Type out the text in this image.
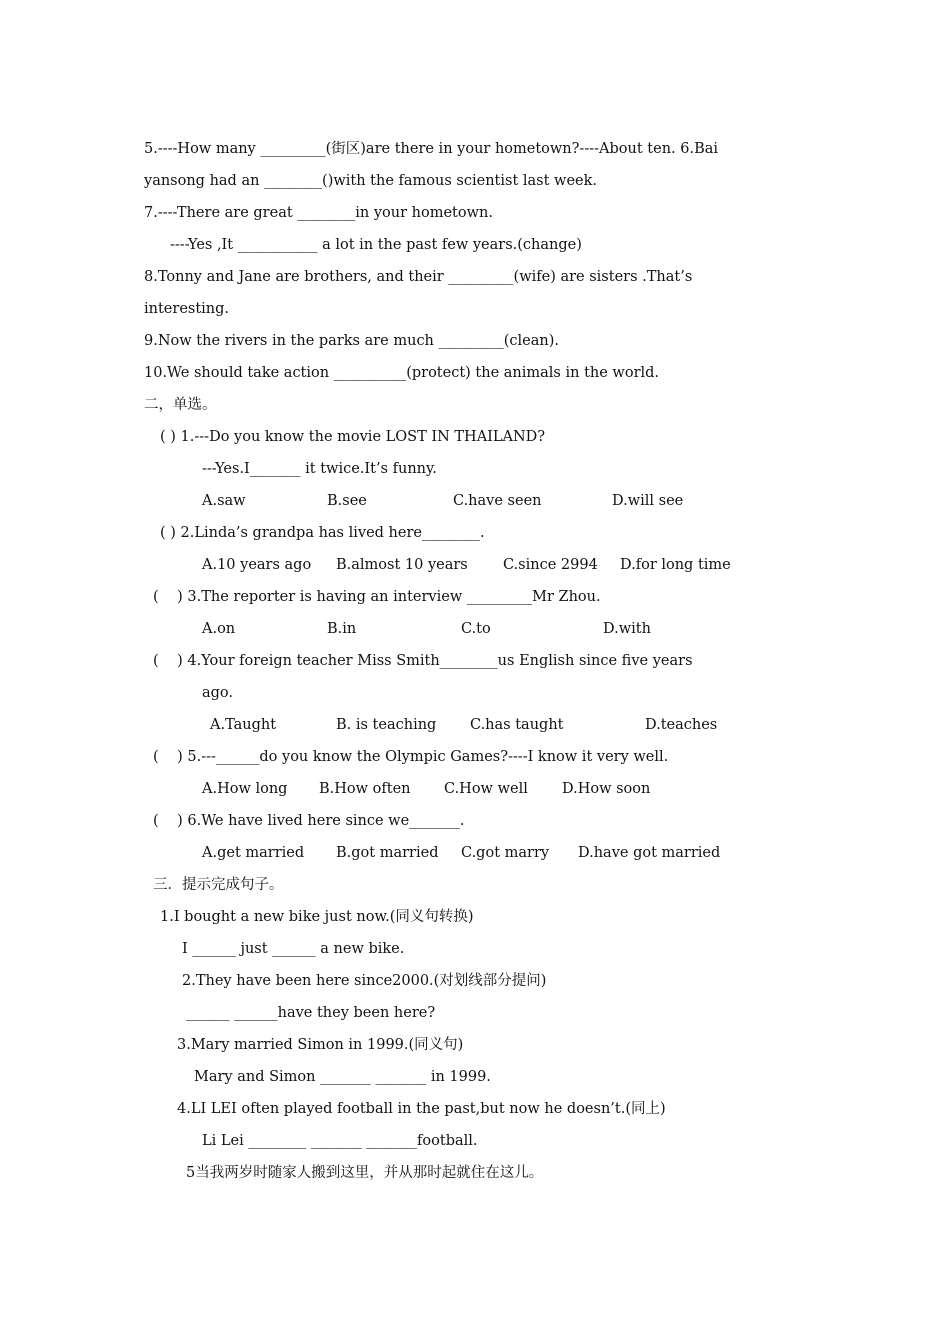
5.----How many _________(街区)are there in your hometown?----About ten. 6.Bai
yansong had an ________()with the famous scientist last week.
7.----There are great ________in your hometown.
----Yes ,It ___________ a lot in the past few years.(change)
8.Tonny and Jane are brothers, and their _________(wife) are sisters .That’s
interesting.
9.Now the rivers in the parks are much _________(clean).
10.We should take action __________(protect) the animals in the world.
二，单选。
( ) 1.---Do you know the movie LOST IN THAILAND?
---Yes.I_______ it twice.It’s funny.
A.saw	B.see	C.have seen	D.will see
( ) 2.Linda’s grandpa has lived here________.
A.10 years ago B.almost 10 years C.since 2994 D.for long time
(    ) 3.The reporter is having an interview _________Mr Zhou.
A.on	B.in	C.to	D.with
(    ) 4.Your foreign teacher Miss Smith________us English since five years
ago.
A.Taught	B. is teaching C.has taught	D.teaches
(    ) 5.---______do you know the Olympic Games?----I know it very well.
A.How long B.How often C.How well D.How soon
(    ) 6.We have lived here since we_______.
A.get married B.got married C.got marry D.have got married
三．提示完成句子。
1.I bought a new bike just now.(同义句转换)
I ______ just ______ a new bike.
2.They have been here since2000.(对划线部分提问)
______ ______have they been here?
3.Mary married Simon in 1999.(同义句)
Mary and Simon _______ _______ in 1999.
4.LI LEI often played football in the past,but now he doesn’t.(同上)
Li Lei ________ _______ _______football.
5当我两岁时随家人搬到这里，并从那时起就住在这儿。
